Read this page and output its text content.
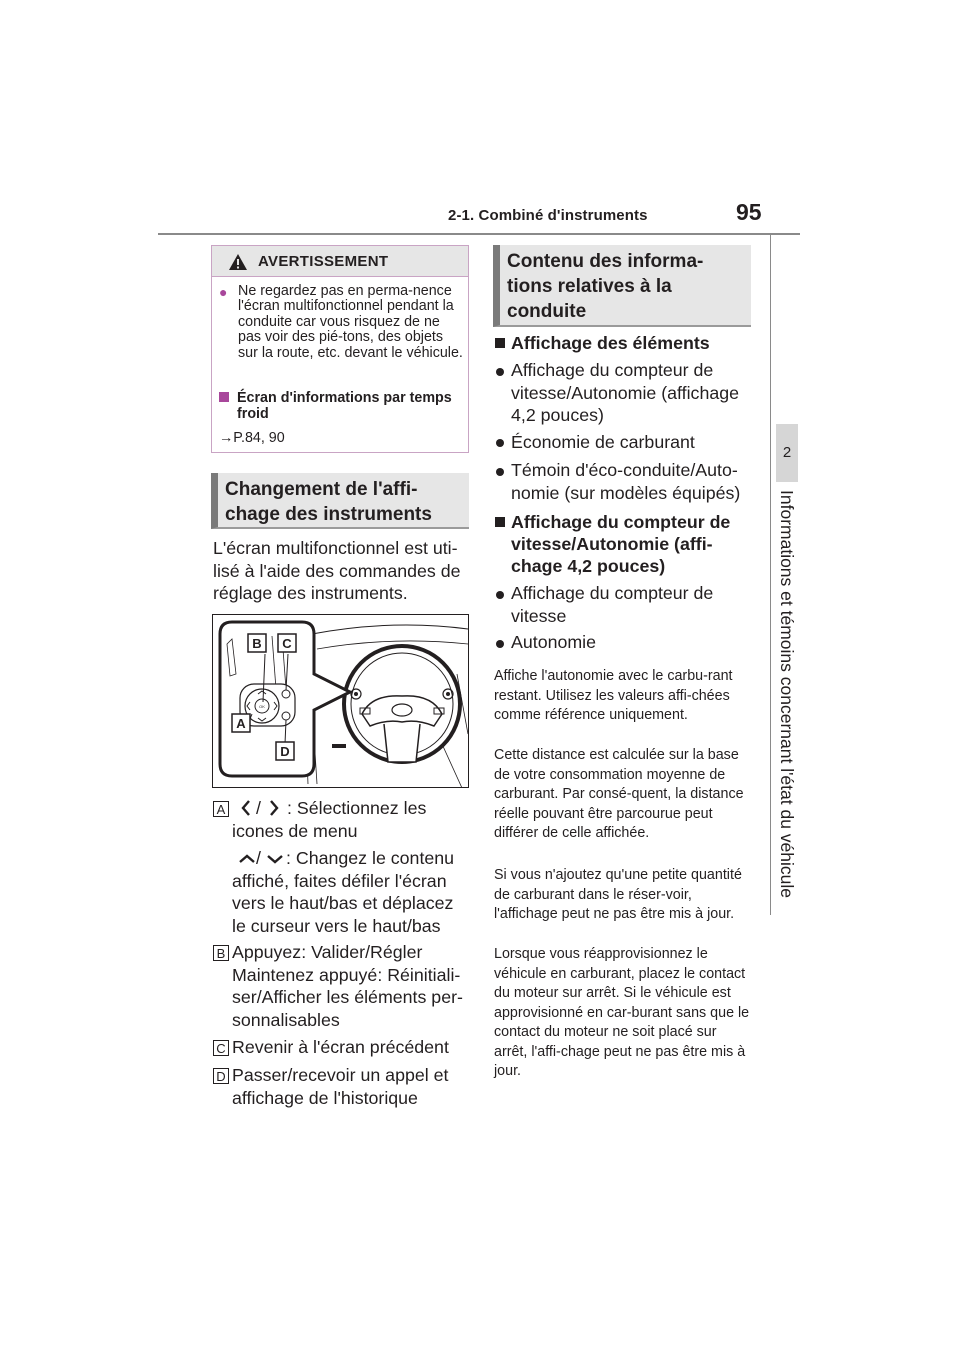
2-1. Combiné d'instruments	95
2
Informations et témoins concernant l'état du véhicule
AVERTISSEMENT
● Ne regardez pas en perma-nence l'écran multifonctionnel pendant la conduite car vous risquez de ne pas voir des pié-tons, des objets sur la route, etc. devant le véhicule.
Écran d'informations par temps froid
→P.84, 90
Changement de l'affi-chage des instruments
L'écran multifonctionnel est uti-lisé à l'aide des commandes de réglage des instruments.
B C
A
D
OK
A /	: Sélectionnez les icones de menu
/	: Changez le contenu affiché, faites défiler l'écran vers le haut/bas et déplacez le curseur vers le haut/bas
B Appuyez: Valider/Régler Maintenez appuyé: Réinitiali-ser/Afficher les éléments per-sonnalisables
C Revenir à l'écran précédent
D Passer/recevoir un appel et affichage de l'historique
Contenu des informa-tions relatives à la conduite
Affichage des éléments
Affichage du compteur de vitesse/Autonomie (affichage 4,2 pouces)
Économie de carburant
Témoin d'éco-conduite/Auto-nomie (sur modèles équipés)
Affichage du compteur de vitesse/Autonomie (affi-chage 4,2 pouces)
Affichage du compteur de vitesse
Autonomie
Affiche l'autonomie avec le carbu-rant restant. Utilisez les valeurs affi-chées comme référence uniquement.
Cette distance est calculée sur la base de votre consommation moyenne de carburant. Par consé-quent, la distance réelle pouvant être parcourue peut différer de celle affichée.
Si vous n'ajoutez qu'une petite quantité de carburant dans le réser-voir, l'affichage peut ne pas être mis à jour.
Lorsque vous réapprovisionnez le véhicule en carburant, placez le contact du moteur sur arrêt. Si le véhicule est approvisionné en car-burant sans que le contact du moteur ne soit placé sur arrêt, l'affi-chage peut ne pas être mis à jour.
